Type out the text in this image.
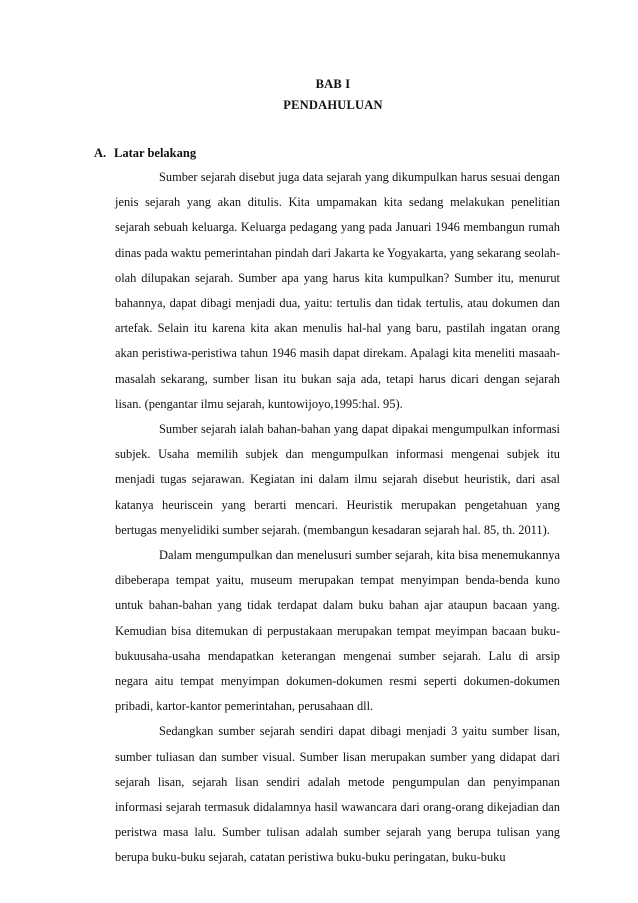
BAB I
PENDAHULUAN
A. Latar belakang

Sumber sejarah disebut juga data sejarah yang dikumpulkan harus sesuai dengan jenis sejarah yang akan ditulis. Kita umpamakan kita sedang melakukan penelitian sejarah sebuah keluarga. Keluarga pedagang yang pada Januari 1946 membangun rumah dinas pada waktu pemerintahan pindah dari Jakarta ke Yogyakarta, yang sekarang seolah-olah dilupakan sejarah. Sumber apa yang harus kita kumpulkan? Sumber itu, menurut bahannya, dapat dibagi menjadi dua, yaitu: tertulis dan tidak tertulis, atau dokumen dan artefak. Selain itu karena kita akan menulis hal-hal yang baru, pastilah ingatan orang akan peristiwa-peristiwa tahun 1946 masih dapat direkam. Apalagi kita meneliti masaah- masalah sekarang, sumber lisan itu bukan saja ada, tetapi harus dicari dengan sejarah lisan. (pengantar ilmu sejarah, kuntowijoyo,1995:hal. 95).

Sumber sejarah ialah bahan-bahan yang dapat dipakai mengumpulkan informasi subjek. Usaha memilih subjek dan mengumpulkan informasi mengenai subjek itu menjadi tugas sejarawan. Kegiatan ini dalam ilmu sejarah disebut heuristik, dari asal katanya heuriscein yang berarti mencari. Heuristik merupakan pengetahuan yang bertugas menyelidiki sumber sejarah. (membangun kesadaran sejarah hal. 85, th. 2011).

Dalam mengumpulkan dan menelusuri sumber sejarah, kita bisa menemukannya dibeberapa tempat yaitu, museum merupakan tempat menyimpan benda-benda kuno untuk bahan-bahan yang tidak terdapat dalam buku bahan ajar ataupun bacaan yang. Kemudian bisa ditemukan di perpustakaan merupakan tempat meyimpan bacaan buku-bukuusaha-usaha mendapatkan keterangan mengenai sumber sejarah. Lalu di arsip negara aitu tempat menyimpan dokumen-dokumen resmi seperti dokumen-dokumen pribadi, kartor-kantor pemerintahan, perusahaan dll.

Sedangkan sumber sejarah sendiri dapat dibagi menjadi 3 yaitu sumber lisan, sumber tuliasan dan sumber visual. Sumber lisan merupakan sumber yang didapat dari sejarah lisan, sejarah lisan sendiri adalah metode pengumpulan dan penyimpanan informasi sejarah termasuk didalamnya hasil wawancara dari orang-orang dikejadian dan peristwa masa lalu. Sumber tulisan adalah sumber sejarah yang berupa tulisan yang berupa buku-buku sejarah, catatan peristiwa buku-buku peringatan, buku-buku
